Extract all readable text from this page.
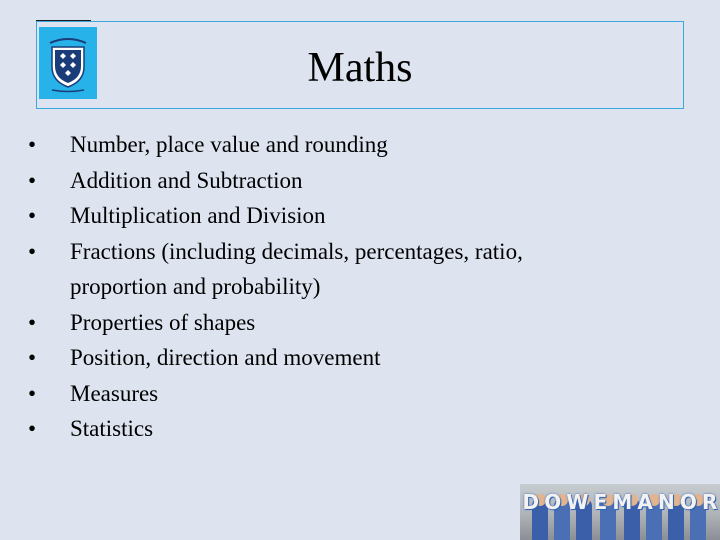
Maths
• Number, place value and rounding
• Addition and Subtraction
• Multiplication and Division
• Fractions (including decimals, percentages, ratio,
proportion and probability)
• Properties of shapes
• Position, direction and movement
• Measures
• Statistics
D O W E M A N O R
